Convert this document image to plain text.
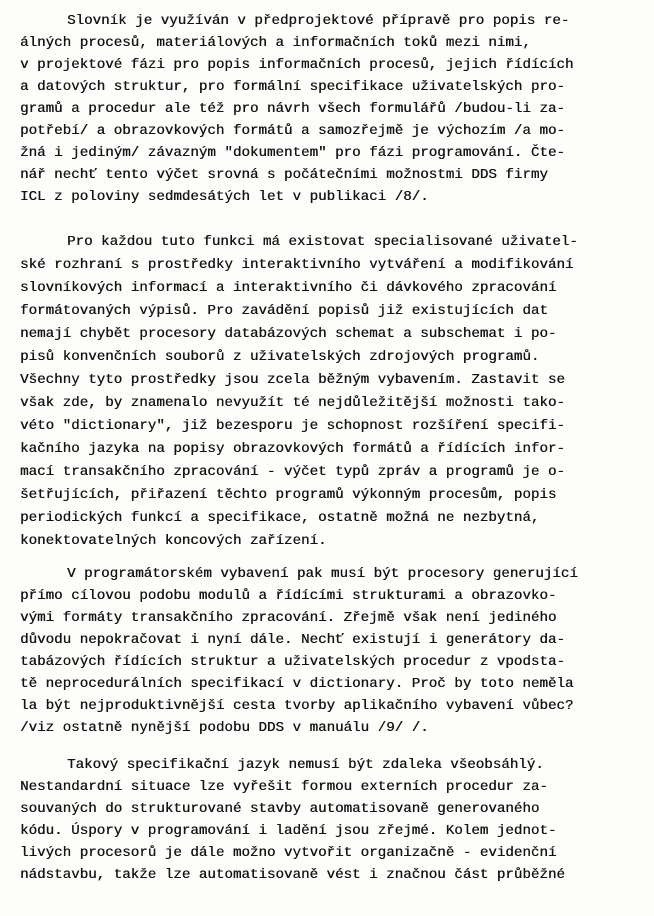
Slovník je využíván v předprojektové přípravě pro popis re-
álných procesů, materiálových a informačních toků mezi nimi,
v projektové fázi pro popis informačních procesů, jejich řídících
a datových struktur, pro formální specifikace uživatelských pro-
gramů a procedur ale též pro návrh všech formulářů /budou-li za-
potřebí/ a obrazovkových formátů a samozřejmě je výchozím /a mo-
žná i jediným/ závazným "dokumentem" pro fázi programování. Čte-
nář nechť tento výčet srovná s počátečními možnostmi DDS firmy
ICL z poloviny sedmdesátých let v publikaci /8/.
Pro každou tuto funkci má existovat specialisované uživatel-
ské rozhraní s prostředky interaktivního vytváření a modifikování
slovníkových informací a interaktivního či dávkového zpracování
formátovaných výpisů. Pro zavádění popisů již existujících dat
nemají chybět procesory databázových schemat a subschemat i po-
pisů konvenčních souborů z uživatelských zdrojových programů.
Všechny tyto prostředky jsou zcela běžným vybavením. Zastavit se
však zde, by znamenalo nevyužít té nejdůležitější možnosti tako-
véto "dictionary", již bezesporu je schopnost rozšíření specifi-
kačního jazyka na popisy obrazovkových formátů a řídících infor-
mací transakčního zpracování - výčet typů zpráv a programů je o-
šetřujících, přiřazení těchto programů výkonným procesům, popis
periodických funkcí a specifikace, ostatně možná ne nezbytná,
konektovatelných koncových zařízení.
V programátorském vybavení pak musí být procesory generující
přímo cílovou podobu modulů a řídícími strukturami a obrazovko-
vými formáty transakčního zpracování. Zřejmě však není jediného
důvodu nepokračovat i nyní dále. Nechť existují i generátory da-
tabázových řídících struktur a uživatelských procedur z vpodsta-
tě neprocedurálních specifikací v dictionary. Proč by toto neměla
la být nejproduktivnější cesta tvorby aplikačního vybavení vůbec?
/viz ostatně nynější podobu DDS v manuálu /9/ /.
Takový specifikační jazyk nemusí být zdaleka všeobsáhlý.
Nestandardní situace lze vyřešit formou externích procedur za-
souvaných do strukturované stavby automatisovaně generovaného
kódu. Úspory v programování i ladění jsou zřejmé. Kolem jednot-
livých procesorů je dále možno vytvořit organizačně - evidenční
nádstavbu, takže lze automatisovaně vést i značnou část průběžné
